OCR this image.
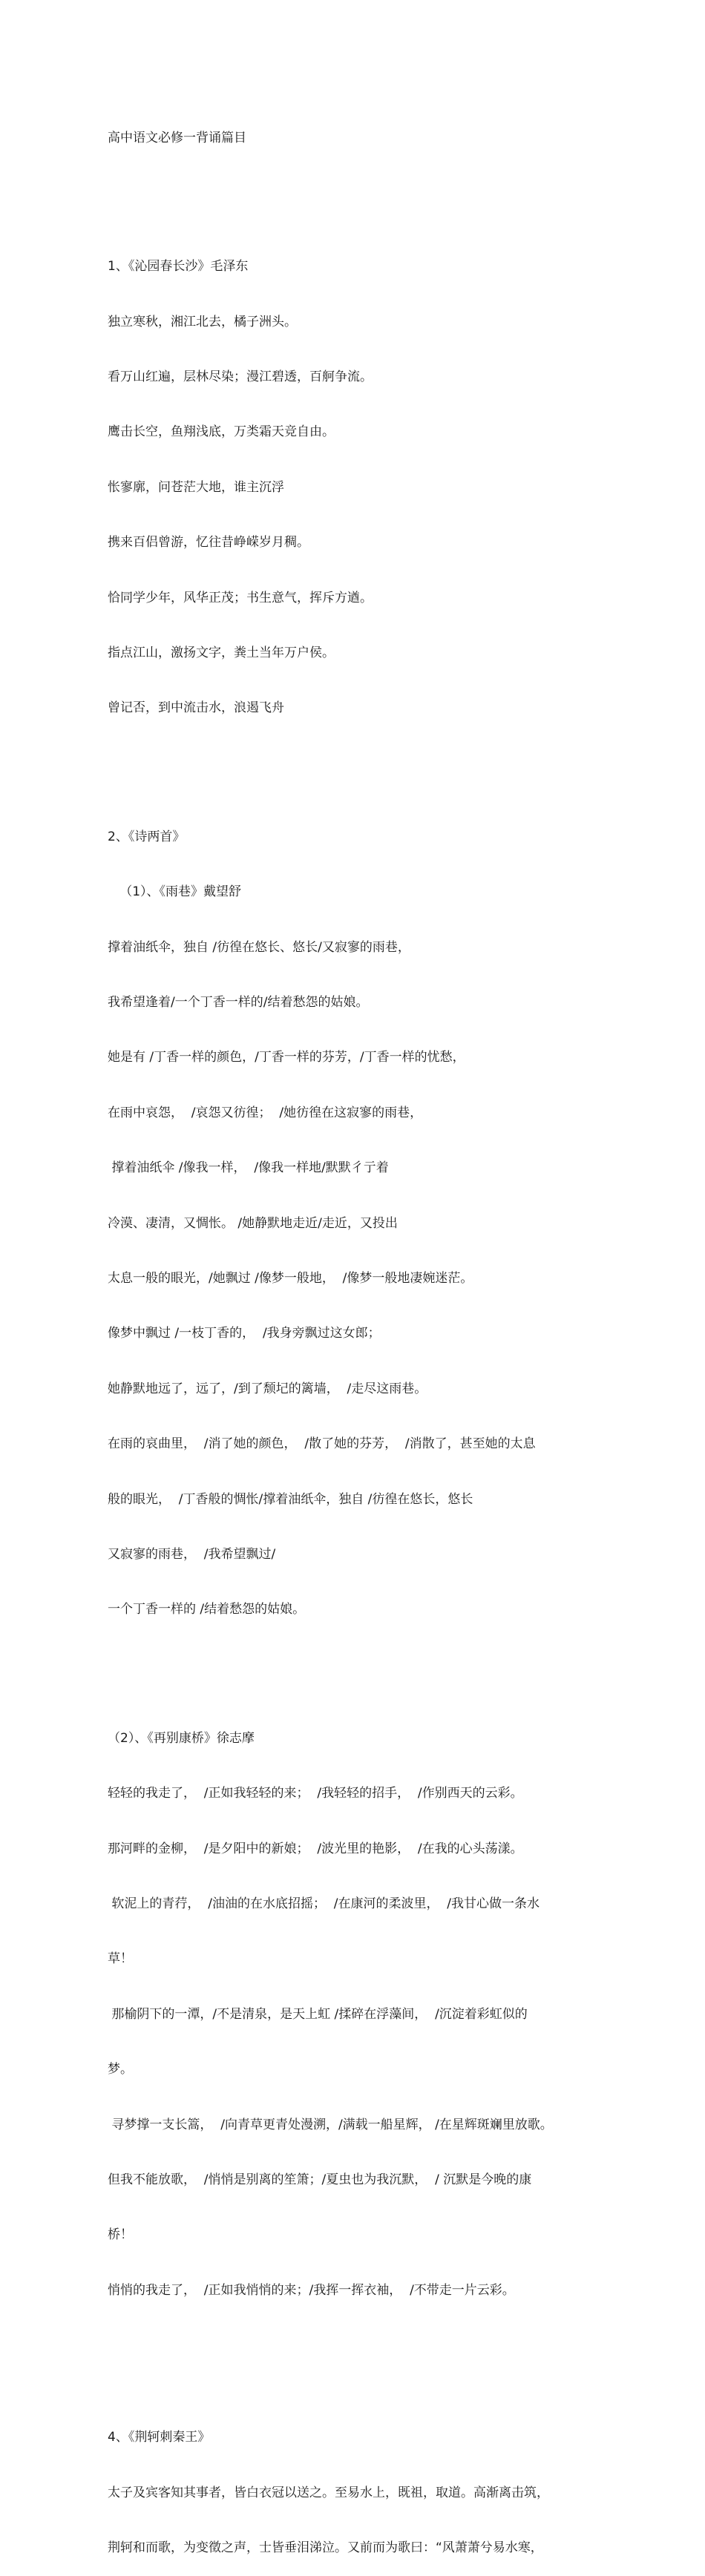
高中语文必修一背诵篇目

1、《沁园春长沙》毛泽东

独立寒秋，湘江北去，橘子洲头。

看万山红遍，层林尽染；漫江碧透，百舸争流。

鹰击长空，鱼翔浅底，万类霜天竞自由。

怅寥廓，问苍茫大地，谁主沉浮

携来百侣曾游，忆往昔峥嵘岁月稠。

恰同学少年，风华正茂；书生意气，挥斥方遒。

指点江山，激扬文字，粪土当年万户侯。

曾记否，到中流击水，浪遏飞舟

2、《诗两首》

（1）、《雨巷》戴望舒

撑着油纸伞，独自 /彷徨在悠长、悠长/又寂寥的雨巷，

我希望逢着/一个丁香一样的/结着愁怨的姑娘。

她是有 /丁香一样的颜色，/丁香一样的芬芳，/丁香一样的忧愁，

在雨中哀怨，  /哀怨又彷徨；  /她彷徨在这寂寥的雨巷，

撑着油纸伞 /像我一样，  /像我一样地/默默彳亍着

冷漠、凄清，又惆怅。 /她静默地走近/走近，又投出

太息一般的眼光，/她飘过 /像梦一般地，  /像梦一般地凄婉迷茫。

像梦中飘过 /一枝丁香的，  /我身旁飘过这女郎；

她静默地远了，远了，/到了颓圮的篱墙，  /走尽这雨巷。

在雨的哀曲里，  /消了她的颜色，  /散了她的芬芳，  /消散了，甚至她的太息

般的眼光，  /丁香般的惆怅/撑着油纸伞，独自 /彷徨在悠长，悠长

又寂寥的雨巷，  /我希望飘过/

一个丁香一样的 /结着愁怨的姑娘。

（2）、《再别康桥》徐志摩

轻轻的我走了，  /正如我轻轻的来；  /我轻轻的招手，  /作别西天的云彩。

那河畔的金柳，  /是夕阳中的新娘；  /波光里的艳影，  /在我的心头荡漾。

软泥上的青荇，  /油油的在水底招摇；  /在康河的柔波里，  /我甘心做一条水

草！

那榆阴下的一潭，/不是清泉，是天上虹 /揉碎在浮藻间，  /沉淀着彩虹似的

梦。

寻梦撑一支长篙，  /向青草更青处漫溯，/满载一船星辉， /在星辉斑斓里放歌。

但我不能放歌，  /悄悄是别离的笙箫；/夏虫也为我沉默，  / 沉默是今晚的康

桥！

悄悄的我走了，  /正如我悄悄的来；/我挥一挥衣袖，  /不带走一片云彩。

4、《荆轲刺秦王》

太子及宾客知其事者，皆白衣冠以送之。至易水上，既祖，取道。高渐离击筑，

荆轲和而歌，为变徵之声，士皆垂泪涕泣。又前而为歌曰：“风萧萧兮易水寒，
